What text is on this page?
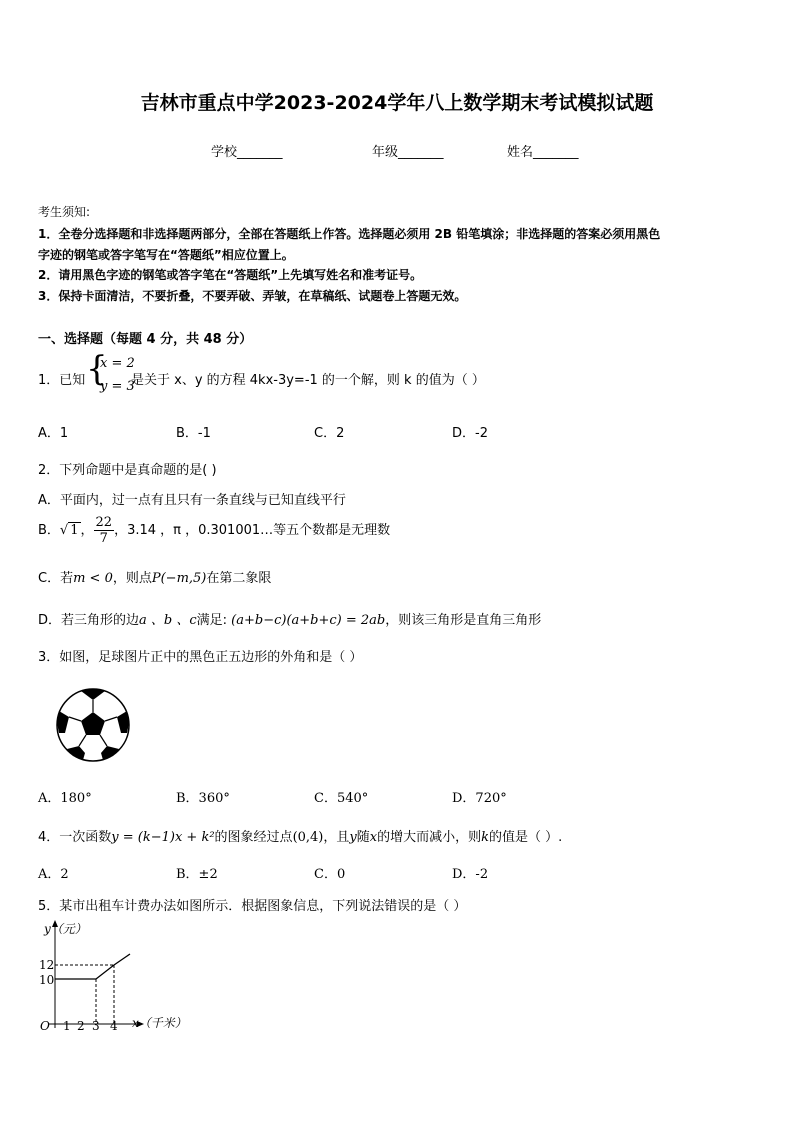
吉林市重点中学2023-2024学年八上数学期末考试模拟试题
学校_______	年级_______	姓名_______
考生须知:
1．全卷分选择题和非选择题两部分，全部在答题纸上作答。选择题必须用 2B 铅笔填涂；非选择题的答案必须用黑色
字迹的钢笔或答字笔写在“答题纸”相应位置上。
2．请用黑色字迹的钢笔或答字笔在“答题纸”上先填写姓名和准考证号。
3．保持卡面清洁，不要折叠，不要弄破、弄皱，在草稿纸、试题卷上答题无效。
一、选择题（每题 4 分，共 48 分）
1．已知 {
x = 2
y = 3
是关于 x、y 的方程 4kx-3y=-1 的一个解，则 k 的值为（ ）
A．1	B．-1	C．2	D．-2
2．下列命题中是真命题的是( )
A．平面内，过一点有且只有一条直线与已知直线平行
B．√ 1 ， $\frac{22}{7}$ ，3.14 ，π ，0.301001…等五个数都是无理数
C．若m < 0，则点P(−m,5)在第二象限
D．若三角形的边a 、b 、c满足: (a+b−c)(a+b+c) = 2ab，则该三角形是直角三角形
3．如图，足球图片正中的黑色正五边形的外角和是（ ）
A．180°	B．360°	C．540°	D．720°
4．一次函数y = (k−1)x + k²的图象经过点(0,4)，且y随x的增大而减小，则k的值是（ ）.
A．2	B．±2	C．0	D．-2
5．某市出租车计费办法如图所示．根据图象信息，下列说法错误的是（ ）
y（元）
x（千米）
O
12
10
1 2 3 4
